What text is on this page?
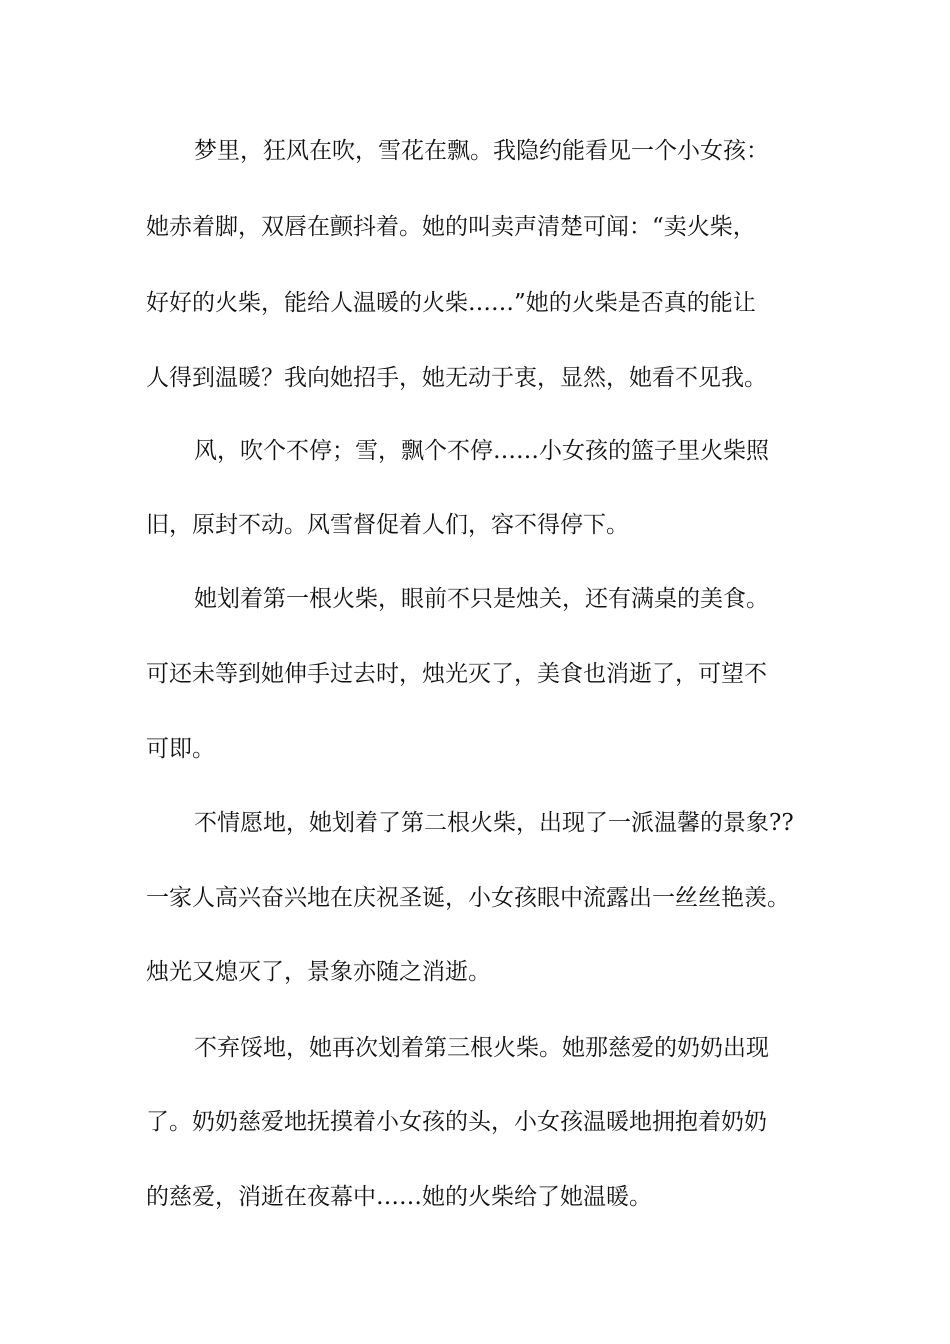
梦里，狂风在吹，雪花在飘。我隐约能看见一个小女孩：
她赤着脚，双唇在颤抖着。她的叫卖声清楚可闻：“卖火柴，
好好的火柴，能给人温暖的火柴……”她的火柴是否真的能让
人得到温暖？我向她招手，她无动于衷，显然，她看不见我。
风，吹个不停；雪，飘个不停……小女孩的篮子里火柴照
旧，原封不动。风雪督促着人们，容不得停下。
她划着第一根火柴，眼前不只是烛关，还有满桌的美食。
可还未等到她伸手过去时，烛光灭了，美食也消逝了，可望不
可即。
不情愿地，她划着了第二根火柴，出现了一派温馨的景象??
一家人高兴奋兴地在庆祝圣诞，小女孩眼中流露出一丝丝艳羡。
烛光又熄灭了，景象亦随之消逝。
不弃馁地，她再次划着第三根火柴。她那慈爱的奶奶出现
了。奶奶慈爱地抚摸着小女孩的头，小女孩温暖地拥抱着奶奶
的慈爱，消逝在夜幕中……她的火柴给了她温暖。
